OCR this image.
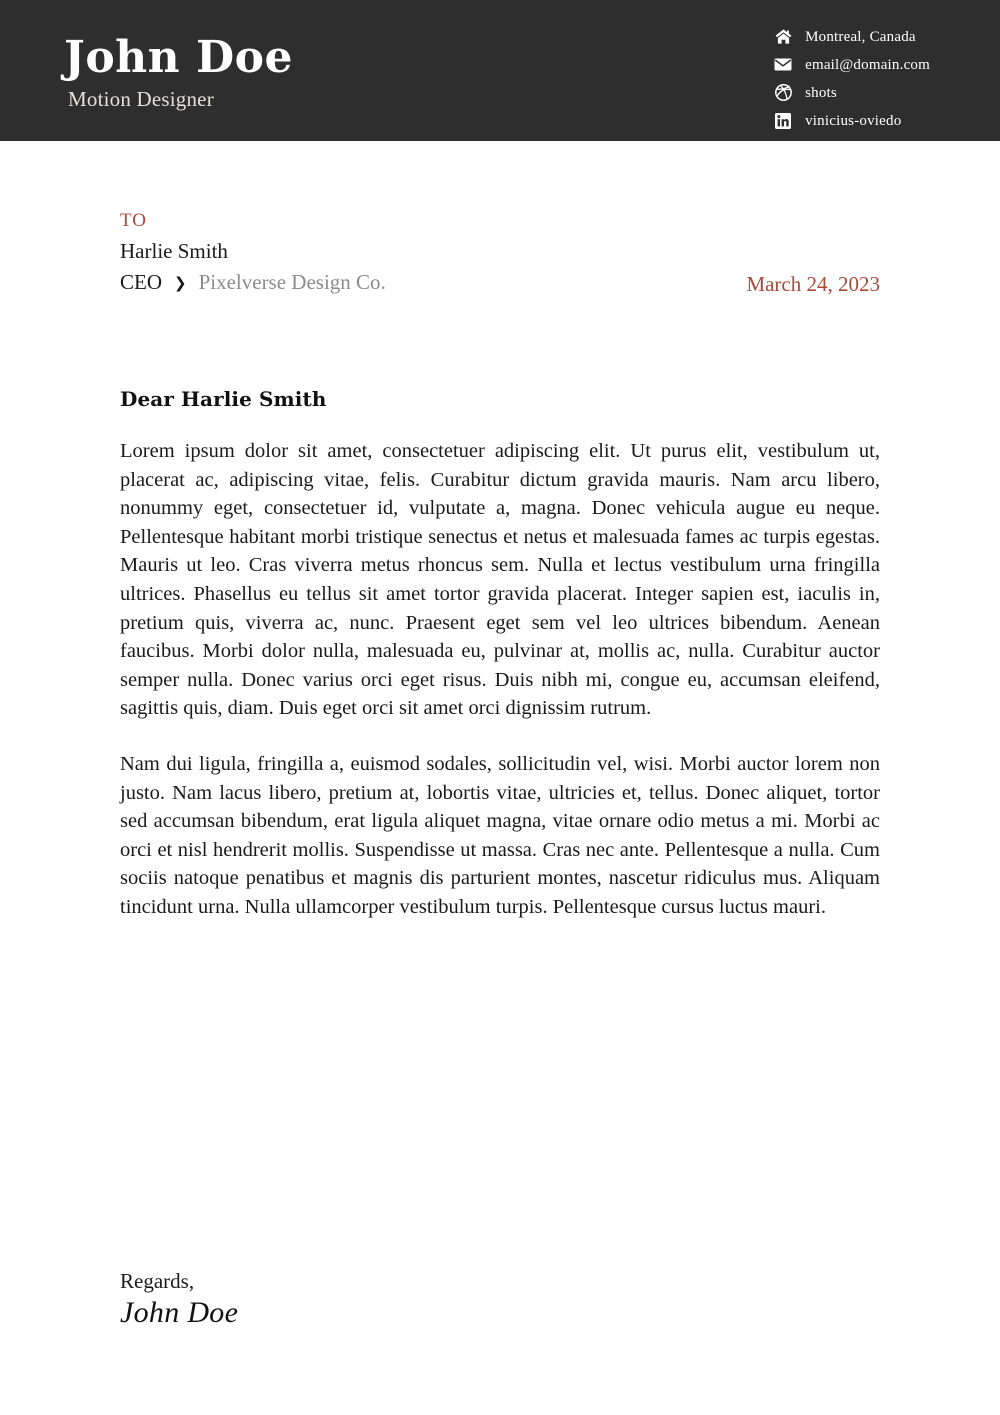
John Doe
Motion Designer
Montreal, Canada
email@domain.com
shots
vinicius-oviedo
TO
Harlie Smith
CEO ❯ Pixelverse Design Co.	March 24, 2023
Dear Harlie Smith

Lorem ipsum dolor sit amet, consectetuer adipiscing elit. Ut purus elit, vestibulum ut, placerat ac, adipiscing vitae, felis. Curabitur dictum gravida mauris. Nam arcu libero, nonummy eget, consectetuer id, vulputate a, magna. Donec vehicula augue eu neque. Pellentesque habitant morbi tristique senectus et netus et malesuada fames ac turpis egestas. Mauris ut leo. Cras viverra metus rhoncus sem. Nulla et lectus vestibulum urna fringilla ultrices. Phasellus eu tellus sit amet tortor gravida placerat. Integer sapien est, iaculis in, pretium quis, viverra ac, nunc. Praesent eget sem vel leo ultrices bibendum. Aenean faucibus. Morbi dolor nulla, malesuada eu, pulvinar at, mollis ac, nulla. Curabitur auctor semper nulla. Donec varius orci eget risus. Duis nibh mi, congue eu, accumsan eleifend, sagittis quis, diam. Duis eget orci sit amet orci dignissim rutrum.

Nam dui ligula, fringilla a, euismod sodales, sollicitudin vel, wisi. Morbi auctor lorem non justo. Nam lacus libero, pretium at, lobortis vitae, ultricies et, tellus. Donec aliquet, tortor sed accumsan bibendum, erat ligula aliquet magna, vitae ornare odio metus a mi. Morbi ac orci et nisl hendrerit mollis. Suspendisse ut massa. Cras nec ante. Pellentesque a nulla. Cum sociis natoque penatibus et magnis dis parturient montes, nascetur ridiculus mus. Aliquam tincidunt urna. Nulla ullamcorper vestibulum turpis. Pellentesque cursus luctus mauri.

Regards,
John Doe
